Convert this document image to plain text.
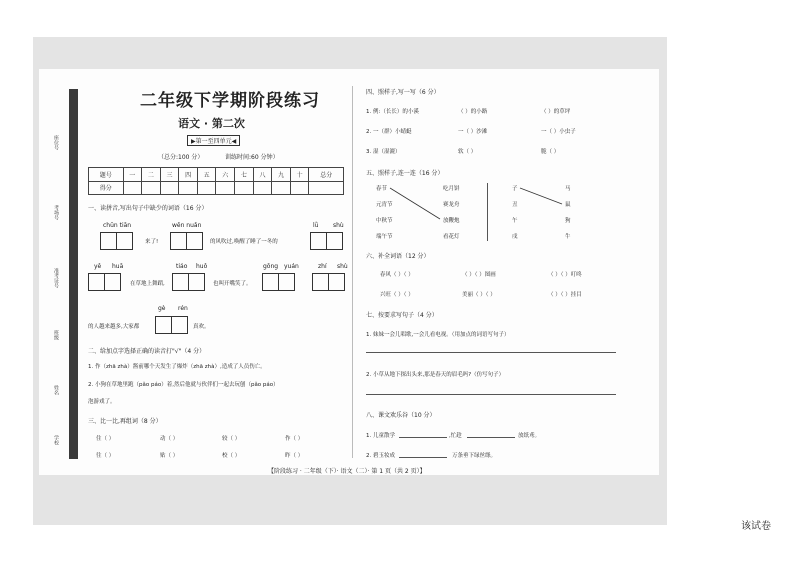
座位号
考场号
准考证号
班级
姓名
学校
二年级下学期阶段练习
语文 · 第二次
▶第一至四单元◀
（总分:100 分）	训练时间:60 分钟）
题号	一	二	三	四	五	六	七	八	九	十	总分
得分											
一、读拼音,写出句子中缺少的词语（16 分）
chūn tiān	wēn nuǎn	lǜ shù
来了!	的风吹过,唤醒了睡了一冬的
yě huā	tiáo huǒ	gōng yuán	zhí shù
在草地上舞蹈,	也叫开嘴笑了。
gè rén
的人越来越多,大家都	真欢。
二、给加点字选择正确的读音打"√"（4 分）
1. 作（zhā zhà）酱前哪个天发生了爆炸（zhā zhà）,造成了人员伤亡。
2. 小狗在草地里跑（pǎo páo）着,然后他就与伙伴们一起去玩刨（pǎo páo）
泡游戏了。
三、比一比,再组词（8 分）
住（ ）	动（ ）	较（ ）	作（ ）
往（ ）	贴（ ）	校（ ）	昨（ ）
四、照样子,写一写（6 分）
1. 例:（长长）的小溪	（ ）的小路	（ ）的草坪
2. 一（群）小蜻蜓	一（ ）沙滩	一（ ）小虫子
3. 湿（湿漉）	软（ ）	脆（ ）
五、照样子,连一连（16 分）
春节
元宵节
中秋节
端午节
吃月饼
赛龙舟
放鞭炮
看花灯
子
丑
午
戌
马
鼠
狗
牛
六、补全词语（12 分）
春风（ ）（ ）	（ ）（ ）图画	（ ）（ ）叮咚
兴旺（ ）（ ）	美丽（ ）（ ）	（ ）（ ）挂目
七、按要求写句子（4 分）
1. 妹妹一会儿唱歌,一会儿看电视。（用加点的词语写句子）
2. 小草从地下探出头来,那是春天的眉毛吗?（仿写句子）
八、课文欢乐谷（10 分）
1. 儿童散学	,忙趁	放纸鸢。
2. 碧玉妆成	万条垂下绿丝绦。
【阶段练习 · 二年级（下）· 语文（二）· 第 1 页（共 2 页）】
该试卷
